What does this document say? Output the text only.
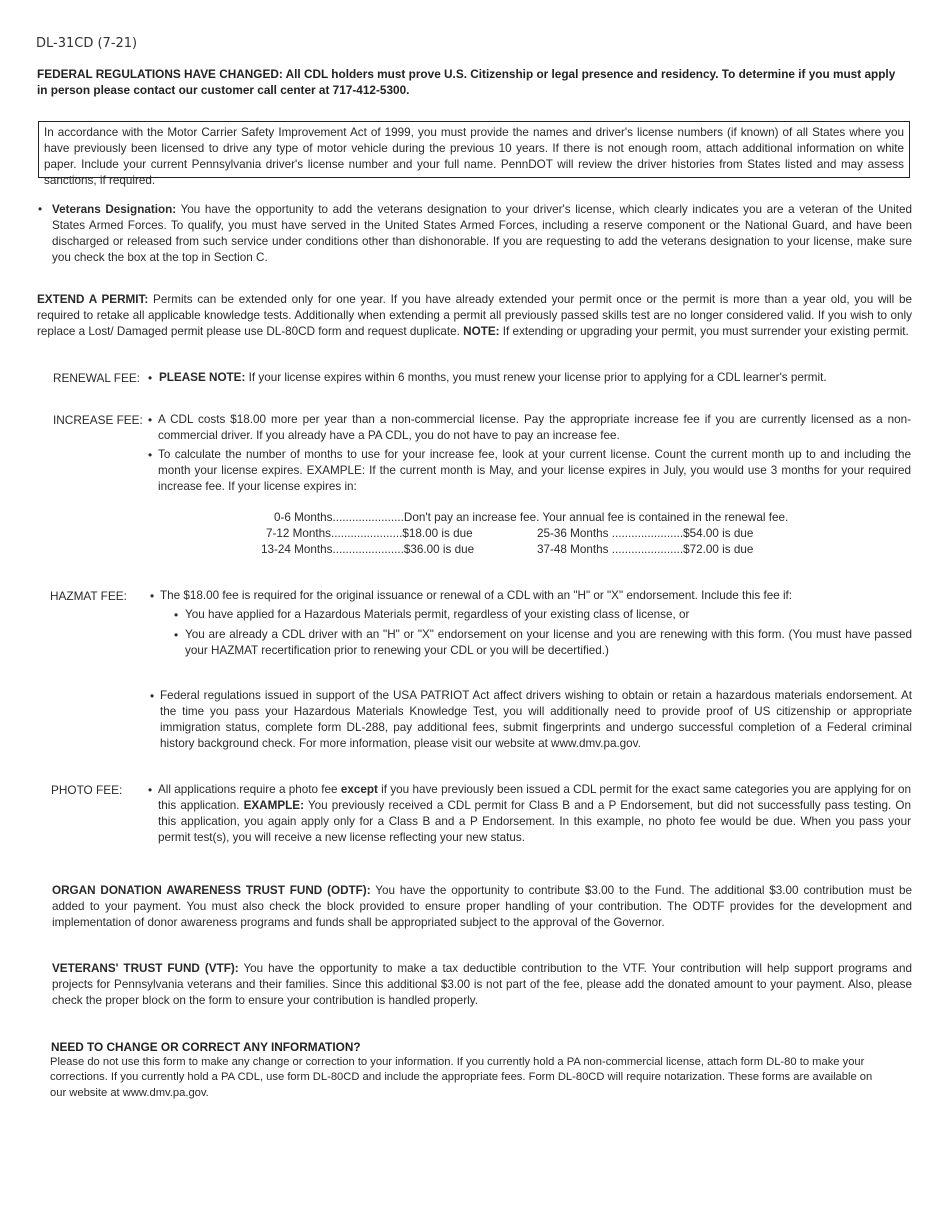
DL-31CD (7-21)
FEDERAL REGULATIONS HAVE CHANGED: All CDL holders must prove U.S. Citizenship or legal presence and residency. To determine if you must apply in person please contact our customer call center at 717-412-5300.
In accordance with the Motor Carrier Safety Improvement Act of 1999, you must provide the names and driver's license numbers (if known) of all States where you have previously been licensed to drive any type of motor vehicle during the previous 10 years. If there is not enough room, attach additional information on white paper. Include your current Pennsylvania driver's license number and your full name. PennDOT will review the driver histories from States listed and may assess sanctions, if required.
• Veterans Designation: You have the opportunity to add the veterans designation to your driver's license, which clearly indicates you are a veteran of the United States Armed Forces. To qualify, you must have served in the United States Armed Forces, including a reserve component or the National Guard, and have been discharged or released from such service under conditions other than dishonorable. If you are requesting to add the veterans designation to your license, make sure you check the box at the top in Section C.
EXTEND A PERMIT: Permits can be extended only for one year. If you have already extended your permit once or the permit is more than a year old, you will be required to retake all applicable knowledge tests. Additionally when extending a permit all previously passed skills test are no longer considered valid. If you wish to only replace a Lost/ Damaged permit please use DL-80CD form and request duplicate. NOTE: If extending or upgrading your permit, you must surrender your existing permit.
RENEWAL FEE: • PLEASE NOTE: If your license expires within 6 months, you must renew your license prior to applying for a CDL learner's permit.
INCREASE FEE: • A CDL costs $18.00 more per year than a non-commercial license. Pay the appropriate increase fee if you are currently licensed as a non-commercial driver. If you already have a PA CDL, you do not have to pay an increase fee.
• To calculate the number of months to use for your increase fee, look at your current license. Count the current month up to and including the month your license expires. EXAMPLE: If the current month is May, and your license expires in July, you would use 3 months for your required increase fee. If your license expires in:
0-6 Months......................Don't pay an increase fee. Your annual fee is contained in the renewal fee.
7-12 Months......................$18.00 is due
13-24 Months......................$36.00 is due
25-36 Months ......................$54.00 is due
37-48 Months ......................$72.00 is due
HAZMAT FEE: • The $18.00 fee is required for the original issuance or renewal of a CDL with an "H" or "X" endorsement. Include this fee if:
• You have applied for a Hazardous Materials permit, regardless of your existing class of license, or
• You are already a CDL driver with an "H" or "X" endorsement on your license and you are renewing with this form. (You must have passed your HAZMAT recertification prior to renewing your CDL or you will be decertified.)
• Federal regulations issued in support of the USA PATRIOT Act affect drivers wishing to obtain or retain a hazardous materials endorsement. At the time you pass your Hazardous Materials Knowledge Test, you will additionally need to provide proof of US citizenship or appropriate immigration status, complete form DL-288, pay additional fees, submit fingerprints and undergo successful completion of a Federal criminal history background check. For more information, please visit our website at www.dmv.pa.gov.
PHOTO FEE: • All applications require a photo fee except if you have previously been issued a CDL permit for the exact same categories you are applying for on this application. EXAMPLE: You previously received a CDL permit for Class B and a P Endorsement, but did not successfully pass testing. On this application, you again apply only for a Class B and a P Endorsement. In this example, no photo fee would be due. When you pass your permit test(s), you will receive a new license reflecting your new status.
ORGAN DONATION AWARENESS TRUST FUND (ODTF): You have the opportunity to contribute $3.00 to the Fund. The additional $3.00 contribution must be added to your payment. You must also check the block provided to ensure proper handling of your contribution. The ODTF provides for the development and implementation of donor awareness programs and funds shall be appropriated subject to the approval of the Governor.
VETERANS' TRUST FUND (VTF): You have the opportunity to make a tax deductible contribution to the VTF. Your contribution will help support programs and projects for Pennsylvania veterans and their families. Since this additional $3.00 is not part of the fee, please add the donated amount to your payment. Also, please check the proper block on the form to ensure your contribution is handled properly.
NEED TO CHANGE OR CORRECT ANY INFORMATION?
Please do not use this form to make any change or correction to your information. If you currently hold a PA non-commercial license, attach form DL-80 to make your corrections. If you currently hold a PA CDL, use form DL-80CD and include the appropriate fees. Form DL-80CD will require notarization. These forms are available on our website at www.dmv.pa.gov.
